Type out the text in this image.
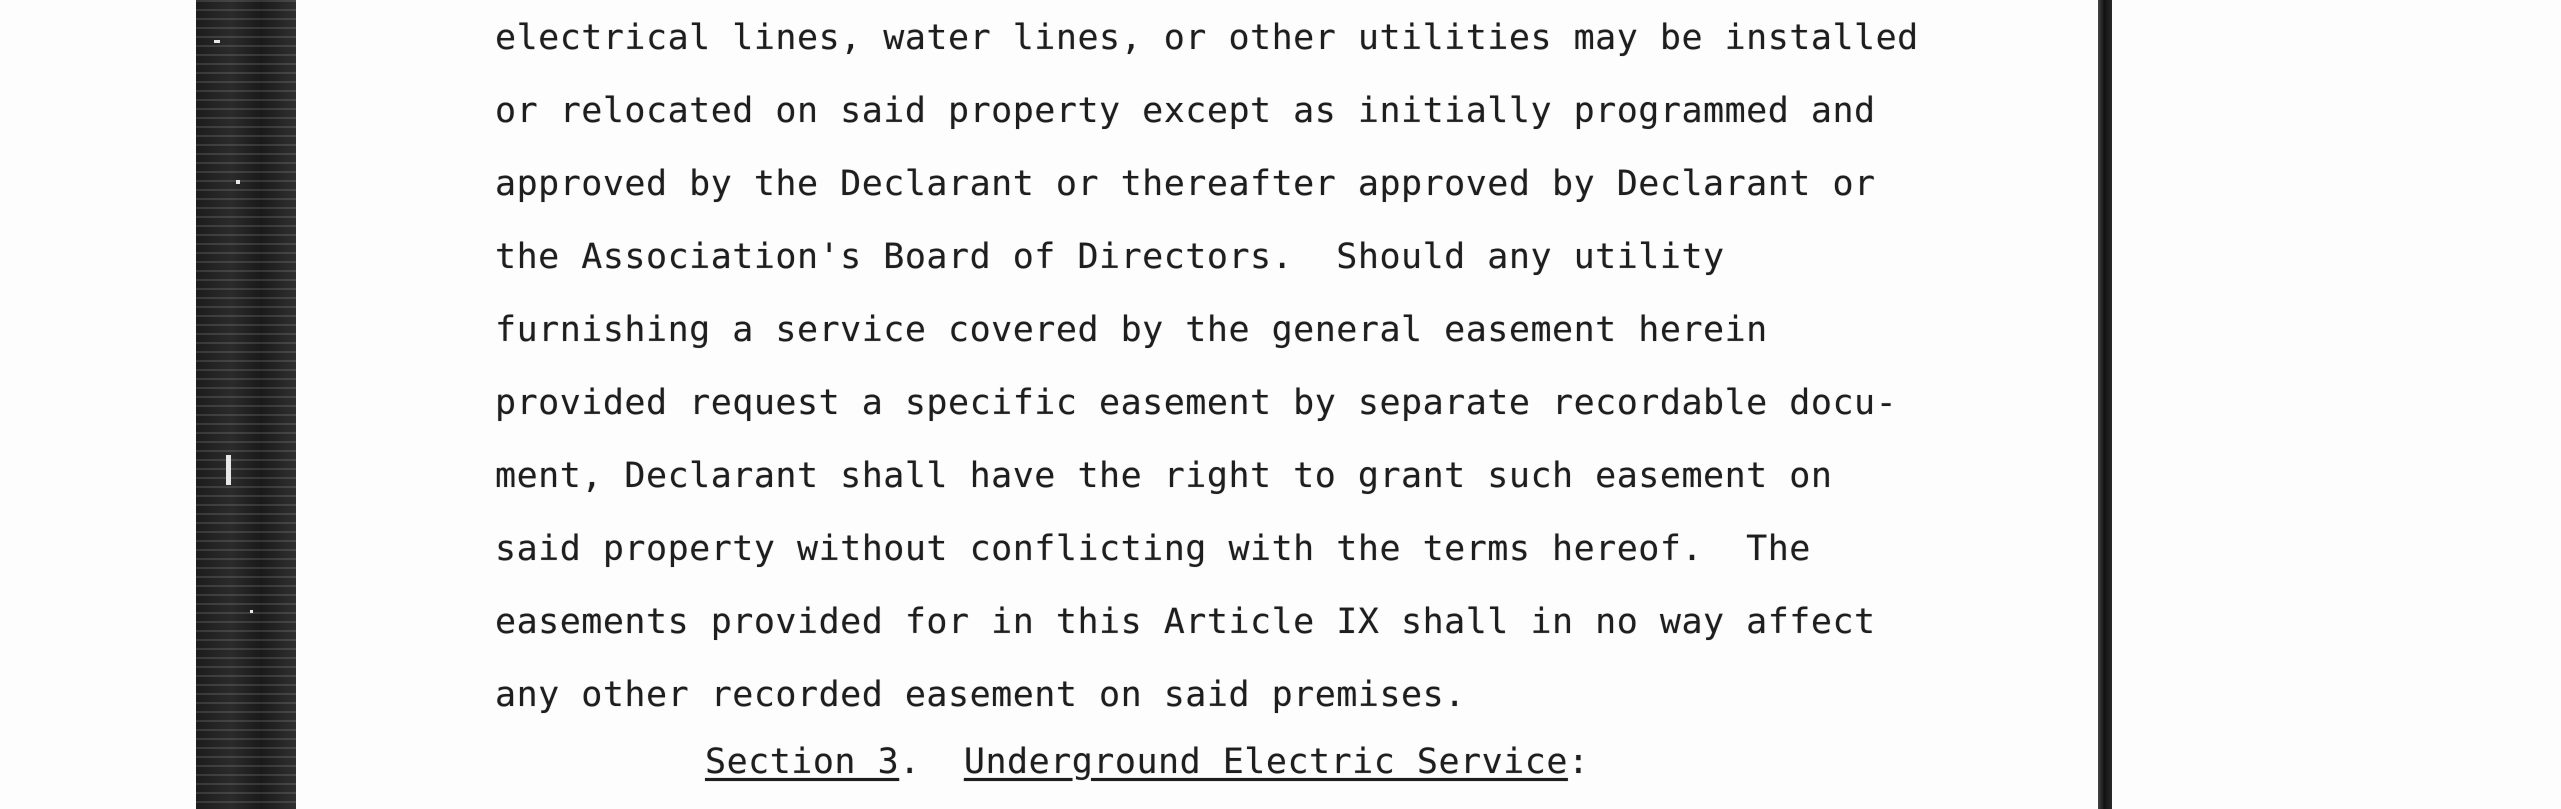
electrical lines, water lines, or other utilities may be installed
or relocated on said property except as initially programmed and
approved by the Declarant or thereafter approved by Declarant or
the Association's Board of Directors.  Should any utility
furnishing a service covered by the general easement herein
provided request a specific easement by separate recordable docu-
ment, Declarant shall have the right to grant such easement on
said property without conflicting with the terms hereof.  The
easements provided for in this Article IX shall in no way affect
any other recorded easement on said premises.
Section 3.  Underground Electric Service:
